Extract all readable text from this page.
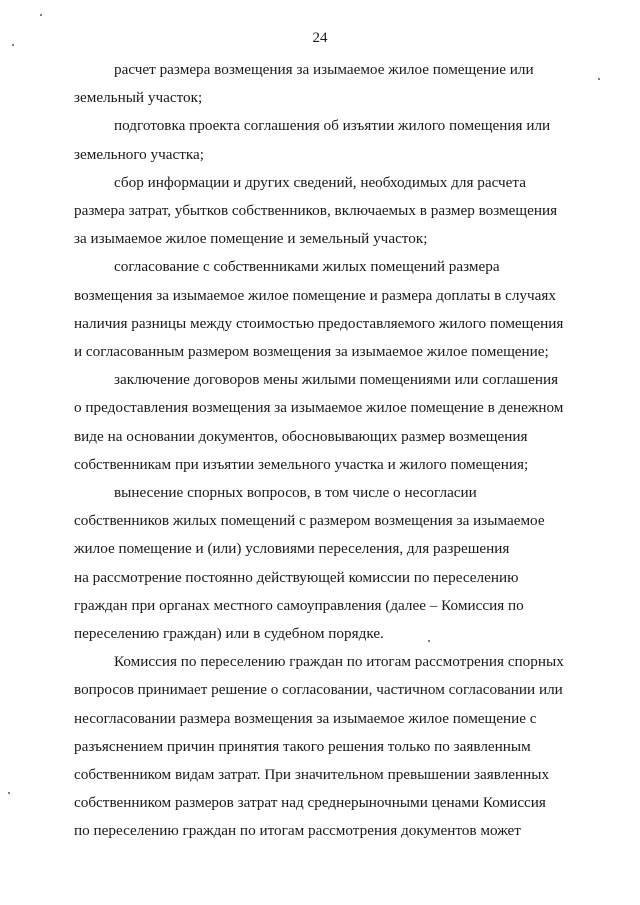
24

расчет размера возмещения за изымаемое жилое помещение или
земельный участок;

подготовка проекта соглашения об изъятии жилого помещения или
земельного участка;

сбор информации и других сведений, необходимых для расчета
размера затрат, убытков собственников, включаемых в размер возмещения
за изымаемое жилое помещение и земельный участок;

согласование с собственниками жилых помещений размера
возмещения за изымаемое жилое помещение и размера доплаты в случаях
наличия разницы между стоимостью предоставляемого жилого помещения
и согласованным размером возмещения за изымаемое жилое помещение;

заключение договоров мены жилыми помещениями или соглашения
о предоставления возмещения за изымаемое жилое помещение в денежном
виде на основании документов, обосновывающих размер возмещения
собственникам при изъятии земельного участка и жилого помещения;

вынесение спорных вопросов, в том числе о несогласии
собственников жилых помещений с размером возмещения за изымаемое
жилое помещение и (или) условиями переселения, для разрешения
на рассмотрение постоянно действующей комиссии по переселению
граждан при органах местного самоуправления (далее – Комиссия по
переселению граждан) или в судебном порядке.

Комиссия по переселению граждан по итогам рассмотрения спорных
вопросов принимает решение о согласовании, частичном согласовании или
несогласовании размера возмещения за изымаемое жилое помещение с
разъяснением причин принятия такого решения только по заявленным
собственником видам затрат. При значительном превышении заявленных
собственником размеров затрат над среднерыночными ценами Комиссия
по переселению граждан по итогам рассмотрения документов может
